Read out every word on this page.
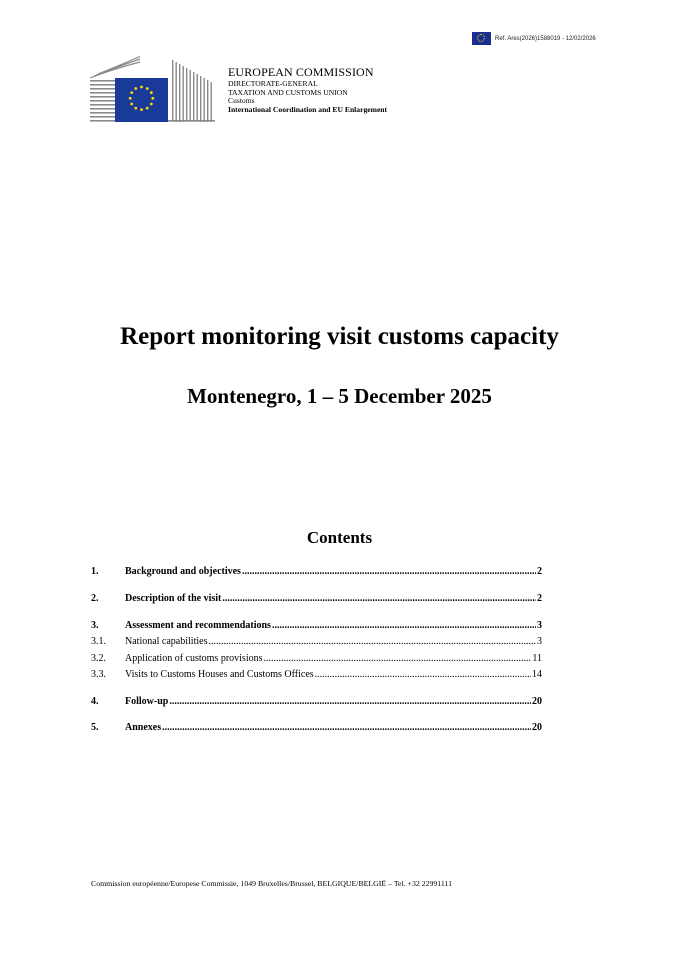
Ref. Ares(2026)1588019 - 12/02/2026
EUROPEAN COMMISSION
DIRECTORATE-GENERAL
TAXATION AND CUSTOMS UNION
Customs
International Coordination and EU Enlargement
Report monitoring visit customs capacity
Montenegro, 1 – 5 December 2025
Contents
1.	Background and objectives .....	2
2.	Description of the visit .....	2
3.	Assessment and recommendations .....	3
3.1.	National capabilities .....	3
3.2.	Application of customs provisions .....	11
3.3.	Visits to Customs Houses and Customs Offices .....	14
4.	Follow-up .....	20
5.	Annexes .....	20
Commission européenne/Europese Commissie, 1049 Bruxelles/Brussel, BELGIQUE/BELGIË – Tel. +32 22991111
